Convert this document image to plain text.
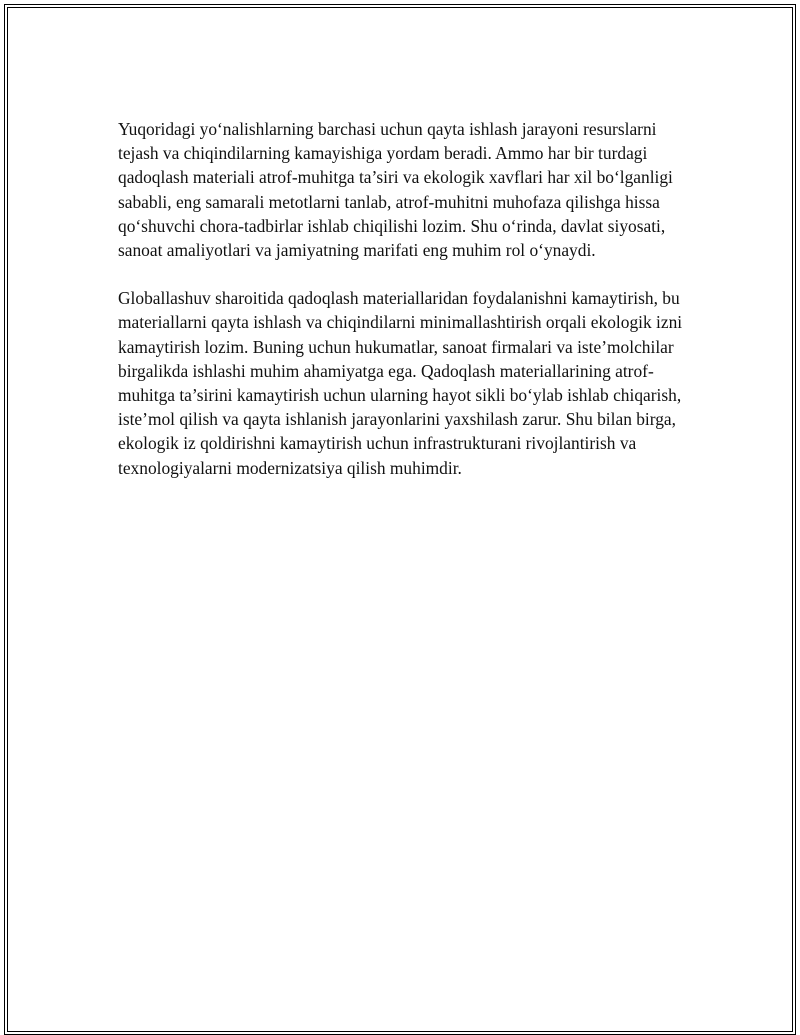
Yuqoridagi yo‘nalishlarning barchasi uchun qayta ishlash jarayoni resurslarni tejash va chiqindilarning kamayishiga yordam beradi. Ammo har bir turdagi qadoqlash materiali atrof-muhitga ta’siri va ekologik xavflari har xil bo‘lganligi sababli, eng samarali metotlarni tanlab, atrof-muhitni muhofaza qilishga hissa qo‘shuvchi chora-tadbirlar ishlab chiqilishi lozim. Shu o‘rinda, davlat siyosati, sanoat amaliyotlari va jamiyatning marifati eng muhim rol o‘ynaydi.

Globallashuv sharoitida qadoqlash materiallaridan foydalanishni kamaytirish, bu materiallarni qayta ishlash va chiqindilarni minimallashtirish orqali ekologik izni kamaytirish lozim. Buning uchun hukumatlar, sanoat firmalari va iste’molchilar birgalikda ishlashi muhim ahamiyatga ega. Qadoqlash materiallarining atrof-muhitga ta’sirini kamaytirish uchun ularning hayot sikli bo‘ylab ishlab chiqarish, iste’mol qilish va qayta ishlanish jarayonlarini yaxshilash zarur. Shu bilan birga, ekologik iz qoldirishni kamaytirish uchun infrastrukturani rivojlantirish va texnologiyalarni modernizatsiya qilish muhimdir.
